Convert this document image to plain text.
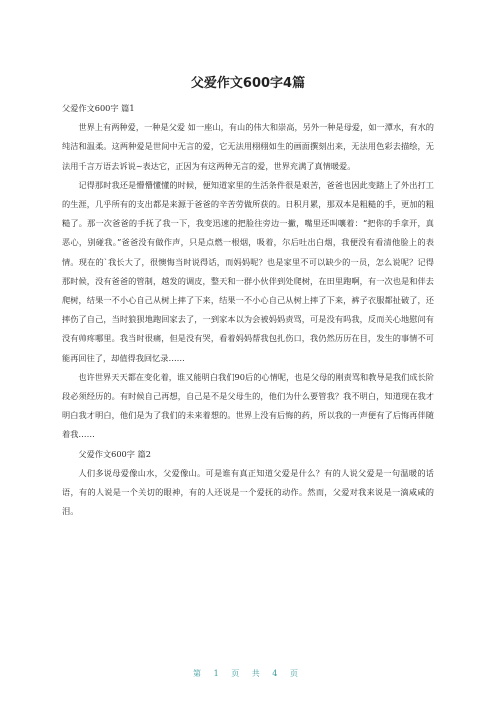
父爱作文600字4篇

父爱作文600字 篇1

世界上有两种爱，一种是父爱 如一座山，有山的伟大和崇高，另外一种是母爱，如一潭水，有水的纯洁和温柔。这两种爱是世间中无言的爱，它无法用栩栩如生的画面撰刻出来，无法用色彩去描绘，无法用千言万语去诉说~表达它，正因为有这两种无言的爱，世界充满了真情暖爱。

记得那时我还是懵懵懂懂的时候，便知道家里的生活条件很是艰苦，爸爸也因此变踏上了外出打工的生涯，几乎所有的支出都是来源于爸爸的辛苦劳做所获的。日积月累，那双本是粗糙的手，更加的粗糙了。那一次爸爸的手抚了我一下，我变迅速的把脸往旁边一撇，嘴里还叫嚷着：“把你的手拿开，真恶心，别碰我。”爸爸没有做作声，只是点燃一根烟，吸着，尔后吐出白烟，我便没有看清他脸上的表情。现在的`我长大了，很懊悔当时说得话，而妈妈呢？也是家里不可以缺少的一员，怎么说呢？记得那时候，没有爸爸的管制，越发的调皮，整天和一群小伙伴到处爬树，在田里跑啊，有一次也是和伴去爬树，结果一不小心自己从树上摔了下来，结果一不小心自己从树上摔了下来，裤子衣服都扯破了，还摔伤了自己，当时狼狈地跑回家去了，一到家本以为会被妈妈责骂，可是没有吗我，反而关心地慰问有没有帅疼哪里。我当时很痛，但是没有哭，看着妈妈帮我包扎伤口，我仍然历历在目，发生的事情不可能再回往了，却值得我回忆录……

也许世界天天都在变化着，谁又能明白我们90后的心情呢，也是父母的刚责骂和教导是我们成长阶段必须经历的。有时候自己再想，自己是不是父母生的，他们为什么要管我？我不明白，知道现在我才明白我才明白，他们是为了我们的未来着想的。世界上没有后悔的药，所以我的一声便有了后悔再伴随着我……

父爱作文600字 篇2

人们多说母爱像山水，父爱像山。可是谁有真正知道父爱是什么？有的人说父爱是一句温暖的话语，有的人说是一个关切的眼神，有的人还说是一个爱抚的动作。然而，父爱对我来说是一滴咸咸的泪。

第 1 页 共 4 页
